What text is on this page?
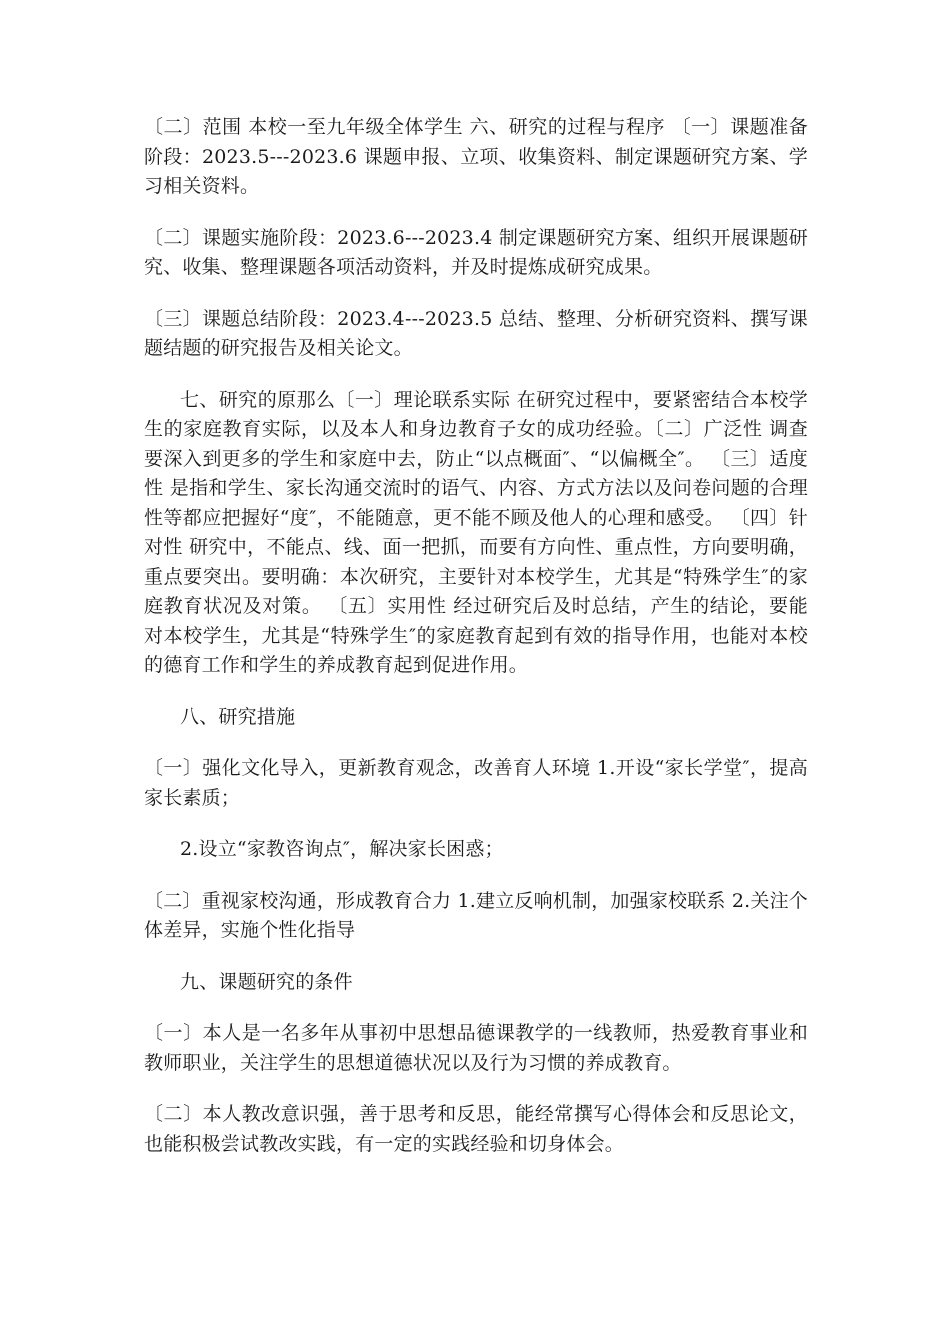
〔二〕范围 本校一至九年级全体学生 六、研究的过程与程序 〔一〕课题准备阶段：2023.5---2023.6 课题申报、立项、收集资料、制定课题研究方案、学习相关资料。

〔二〕课题实施阶段：2023.6---2023.4 制定课题研究方案、组织开展课题研究、收集、整理课题各项活动资料，并及时提炼成研究成果。

〔三〕课题总结阶段：2023.4---2023.5 总结、整理、分析研究资料、撰写课题结题的研究报告及相关论文。

七、研究的原那么〔一〕理论联系实际 在研究过程中，要紧密结合本校学生的家庭教育实际，以及本人和身边教育子女的成功经验。〔二〕广泛性 调查要深入到更多的学生和家庭中去，防止“以点概面″、“以偏概全″。 〔三〕适度性 是指和学生、家长沟通交流时的语气、内容、方式方法以及问卷问题的合理性等都应把握好“度″，不能随意，更不能不顾及他人的心理和感受。 〔四〕针对性 研究中，不能点、线、面一把抓，而要有方向性、重点性，方向要明确，重点要突出。要明确：本次研究，主要针对本校学生，尤其是“特殊学生″的家庭教育状况及对策。 〔五〕实用性 经过研究后及时总结，产生的结论，要能对本校学生，尤其是“特殊学生″的家庭教育起到有效的指导作用，也能对本校的德育工作和学生的养成教育起到促进作用。

八、研究措施

〔一〕强化文化导入，更新教育观念，改善育人环境 1.开设“家长学堂″，提高家长素质；

2.设立“家教咨询点″，解决家长困惑；

〔二〕重视家校沟通，形成教育合力 1.建立反响机制，加强家校联系 2.关注个体差异，实施个性化指导

九、课题研究的条件

〔一〕本人是一名多年从事初中思想品德课教学的一线教师，热爱教育事业和教师职业，关注学生的思想道德状况以及行为习惯的养成教育。

〔二〕本人教改意识强，善于思考和反思，能经常撰写心得体会和反思论文，也能积极尝试教改实践，有一定的实践经验和切身体会。
